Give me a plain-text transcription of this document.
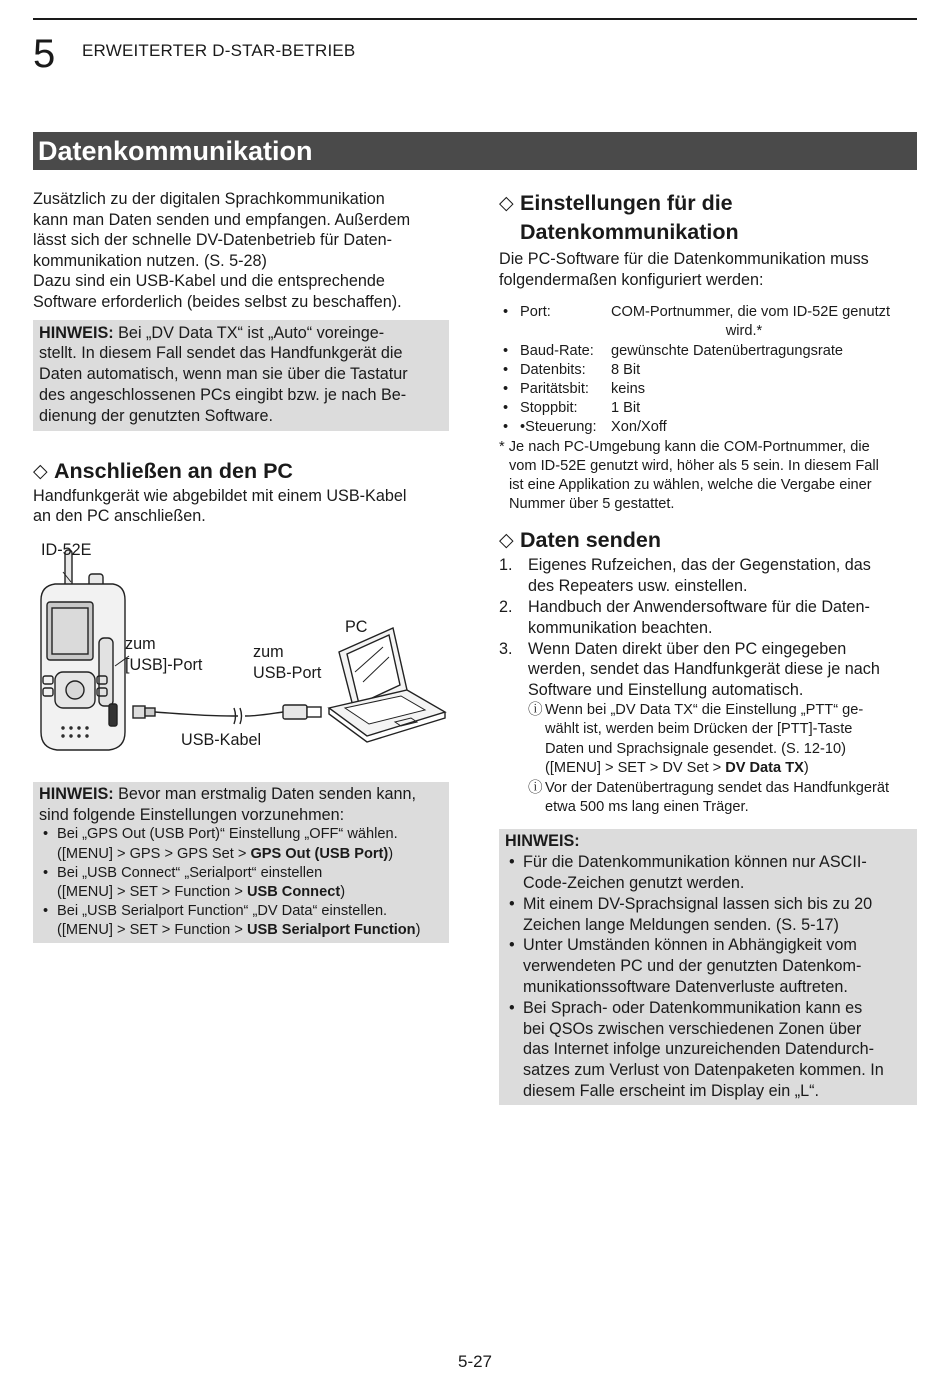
5 ERWEITERTER D-STAR-BETRIEB
Datenkommunikation
Zusätzlich zu der digitalen Sprachkommunikation
kann man Daten senden und empfangen. Außerdem
lässt sich der schnelle DV-Datenbetrieb für Daten-
kommunikation nutzen. (S. 5-28)
Dazu sind ein USB-Kabel und die entsprechende
Software erforderlich (beides selbst zu beschaffen).
HINWEIS: Bei „DV Data TX“ ist „Auto“ voreinge-
stellt. In diesem Fall sendet das Handfunkgerät die
Daten automatisch, wenn man sie über die Tastatur
des angeschlossenen PCs eingibt bzw. je nach Be-
dienung der genutzten Software.
◇ Anschließen an den PC
Handfunkgerät wie abgebildet mit einem USB-Kabel
an den PC anschließen.
ID-52E
zum
[USB]-Port
zum
USB-Port
PC
USB-Kabel
HINWEIS: Bevor man erstmalig Daten senden kann,
sind folgende Einstellungen vorzunehmen:
• Bei „GPS Out (USB Port)“ Einstellung „OFF“ wählen.
([MENU] > GPS > GPS Set > GPS Out (USB Port))
• Bei „USB Connect“ „Serialport“ einstellen
([MENU] > SET > Function > USB Connect)
• Bei „USB Serialport Function“ „DV Data“ einstellen.
([MENU] > SET > Function > USB Serialport Function)
◇ Einstellungen für die
Datenkommunikation
Die PC-Software für die Datenkommunikation muss
folgendermaßen konfiguriert werden:
• Port:	COM-Portnummer, die vom ID-52E genutzt
wird.*
• Baud-Rate:	gewünschte Datenübertragungsrate
• Datenbits:	8 Bit
• Paritätsbit:	keins
• Stoppbit:	1 Bit
• •Steuerung: Xon/Xoff
* Je nach PC-Umgebung kann die COM-Portnummer, die
vom ID-52E genutzt wird, höher als 5 sein. In diesem Fall
ist eine Applikation zu wählen, welche die Vergabe einer
Nummer über 5 gestattet.
◇ Daten senden
1. Eigenes Rufzeichen, das der Gegenstation, das
des Repeaters usw. einstellen.
2. Handbuch der Anwendersoftware für die Daten-
kommunikation beachten.
3. Wenn Daten direkt über den PC eingegeben
werden, sendet das Handfunkgerät diese je nach
Software und Einstellung automatisch.
ⓘ Wenn bei „DV Data TX“ die Einstellung „PTT“ ge-
wählt ist, werden beim Drücken der [PTT]-Taste
Daten und Sprachsignale gesendet. (S. 12-10)
([MENU] > SET > DV Set > DV Data TX)
ⓘ Vor der Datenübertragung sendet das Handfunkgerät
etwa 500 ms lang einen Träger.
HINWEIS:
• Für die Datenkommunikation können nur ASCII-
Code-Zeichen genutzt werden.
• Mit einem DV-Sprachsignal lassen sich bis zu 20
Zeichen lange Meldungen senden. (S. 5-17)
• Unter Umständen können in Abhängigkeit vom
verwendeten PC und der genutzten Datenkom-
munikationssoftware Datenverluste auftreten.
• Bei Sprach- oder Datenkommunikation kann es
bei QSOs zwischen verschiedenen Zonen über
das Internet infolge unzureichenden Datendurch-
satzes zum Verlust von Datenpaketen kommen. In
diesem Falle erscheint im Display ein „L“.
5-27
